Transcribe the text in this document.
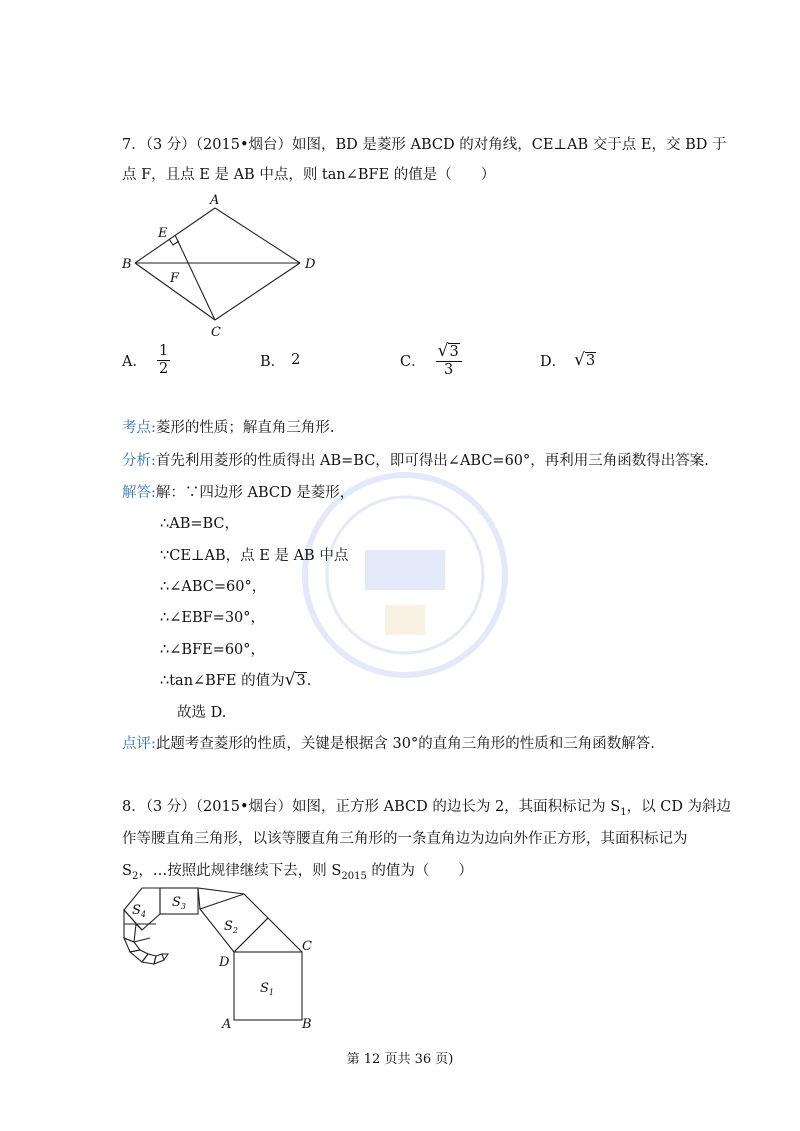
7．（3 分）（2015•烟台）如图，BD 是菱形 ABCD 的对角线，CE⊥AB 交于点 E，交 BD 于
点 F，且点 E 是 AB 中点，则 tan∠BFE 的值是（　　）
A
B
C
D
E
F
A． $\frac{1}{2}$	B． 2	C． $\frac{√ 3}{3}$	D． √ 3
考点:菱形的性质；解直角三角形.
分析:首先利用菱形的性质得出 AB=BC，即可得出∠ABC=60°，再利用三角函数得出答案.
解答:解：∵四边形 ABCD 是菱形，
∴AB=BC，
∵CE⊥AB，点 E 是 AB 中点
∴∠ABC=60°，
∴∠EBF=30°，
∴∠BFE=60°，
∴tan∠BFE 的值为 √ 3 .
故选 D.
点评:此题考查菱形的性质，关键是根据含 30°的直角三角形的性质和三角函数解答.
8．（3 分）（2015•烟台）如图，正方形 ABCD 的边长为 2，其面积标记为 $S_1$，以 CD 为斜边
作等腰直角三角形，以该等腰直角三角形的一条直角边为边向外作正方形，其面积标记为
$S_2$，…按照此规律继续下去，则 $S_{2015}$ 的值为（　　）
A	B
C
D
$S_1$
$S_2$
$S_3$
$S_4$
第 12 页共 36 页)
